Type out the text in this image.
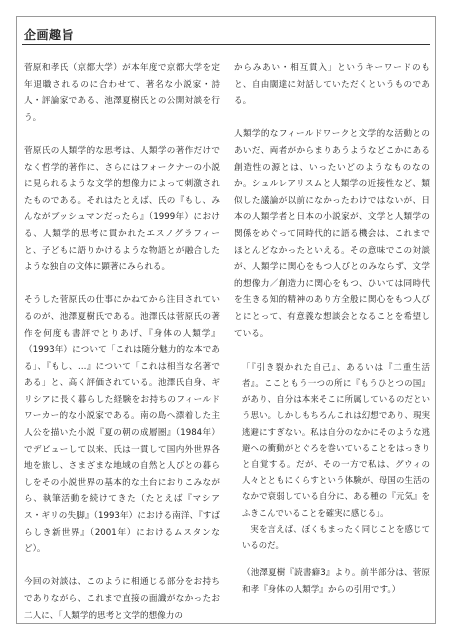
企画趣旨

菅原和孝氏（京都大学）が本年度で京都大学を定年退職されるのに合わせて、著名な小説家・詩人・評論家である、池澤夏樹氏との公開対談を行う。

菅原氏の人類学的な思考は、人類学の著作だけでなく哲学的著作に、さらにはフォークナーの小説に見られるような文学的想像力によって刺激されたものである。それはたとえば、氏の『もし、みんながブッシュマンだったら』（1999年）における、人類学的思考に貫かれたエスノグラフィーと、子どもに語りかけるような物語とが融合したような独自の文体に顕著にみられる。

そうした菅原氏の仕事にかねてから注目されているのが、池澤夏樹氏である。池澤氏は菅原氏の著作を何度も書評でとりあげ、『身体の人類学』（1993年）について「これは随分魅力的な本である」、『もし、…』について「これは相当な名著である」と、高く評価されている。池澤氏自身、ギリシアに長く暮らした経験をお持ちのフィールドワーカー的な小説家である。南の島へ漂着した主人公を描いた小説『夏の朝の成層圏』（1984年）でデビューして以来、氏は一貫して国内外世界各地を旅し、さまざまな地域の自然と人びとの暮らしをその小説世界の基本的な土台におりこみながら、執筆活動を続けてきた（たとえば『マシアス・ギリの失脚』（1993年）における南洋、『すばらしき新世界』（2001年）におけるムスタンなど）。

今回の対談は、このように相通じる部分をお持ちでありながら、これまで直接の面識がなかったお二人に、「人類学的思考と文学的想像力の

からみあい・相互貫入」というキーワードのもと、自由闊達に対話していただくというものである。

人類学的なフィールドワークと文学的な活動とのあいだ、両者がからまりあうようなどこかにある創造性の源とは、いったいどのようなものなのか。シュルレアリスムと人類学の近接性など、類似した議論が以前になかったわけではないが、日本の人類学者と日本の小説家が、文学と人類学の関係をめぐって同時代的に語る機会は、これまでほとんどなかったといえる。その意味でこの対談が、人類学に関心をもつ人びとのみならず、文学的想像力／創造力に関心をもつ、ひいては同時代を生きる知的精神のあり方全般に関心をもつ人びとにとって、有意義な想談会となることを希望している。

「『引き裂かれた自己』、あるいは『二重生活者』。ここともう一つの所に『もうひとつの国』があり、自分は本来そこに所属しているのだという思い。しかしもちろんこれは幻想であり、現実逃避にすぎない。私は自分のなかにそのような逃避への衝動がとぐろを巻いていることをはっきりと自覚する。だが、その一方で私は、グウィの人々とともにくらすという体験が、母国の生活のなかで衰弱している自分に、ある種の『元気』をふきこんでいることを確実に感じる」。

実を言えば、ぼくもまったく同じことを感じているのだ。

（池澤夏樹『読書癖3』より。前半部分は、菅原和孝『身体の人類学』からの引用です。）
